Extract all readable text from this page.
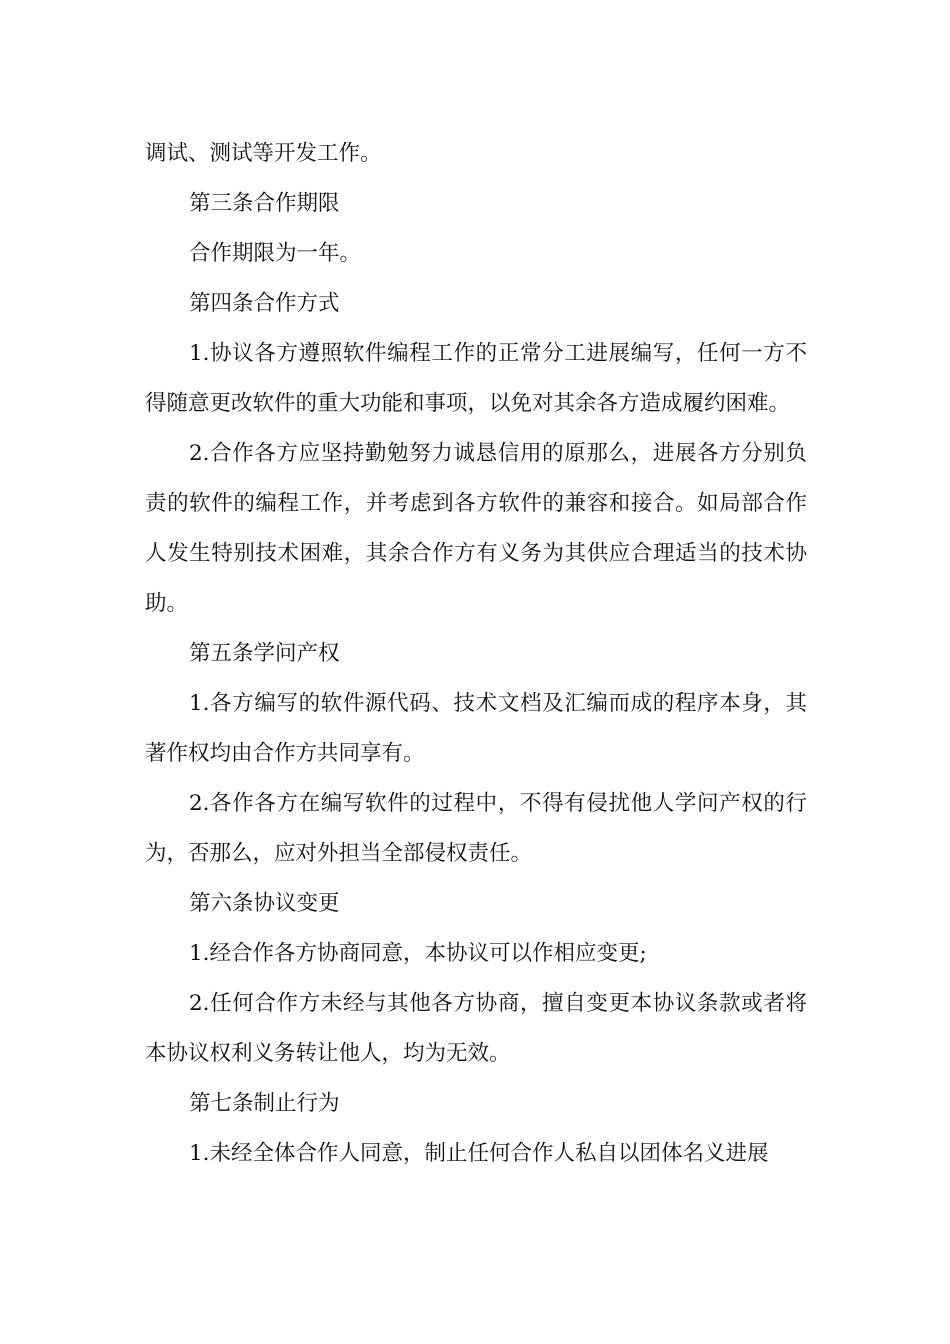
调试、测试等开发工作。

第三条合作期限

合作期限为一年。

第四条合作方式

1.协议各方遵照软件编程工作的正常分工进展编写，任何一方不得随意更改软件的重大功能和事项，以免对其余各方造成履约困难。

2.合作各方应坚持勤勉努力诚恳信用的原那么，进展各方分别负责的软件的编程工作，并考虑到各方软件的兼容和接合。如局部合作人发生特别技术困难，其余合作方有义务为其供应合理适当的技术协助。

第五条学问产权

1.各方编写的软件源代码、技术文档及汇编而成的程序本身，其著作权均由合作方共同享有。

2.各作各方在编写软件的过程中，不得有侵扰他人学问产权的行为，否那么，应对外担当全部侵权责任。

第六条协议变更

1.经合作各方协商同意，本协议可以作相应变更;

2.任何合作方未经与其他各方协商，擅自变更本协议条款或者将本协议权利义务转让他人，均为无效。

第七条制止行为

1.未经全体合作人同意，制止任何合作人私自以团体名义进展
